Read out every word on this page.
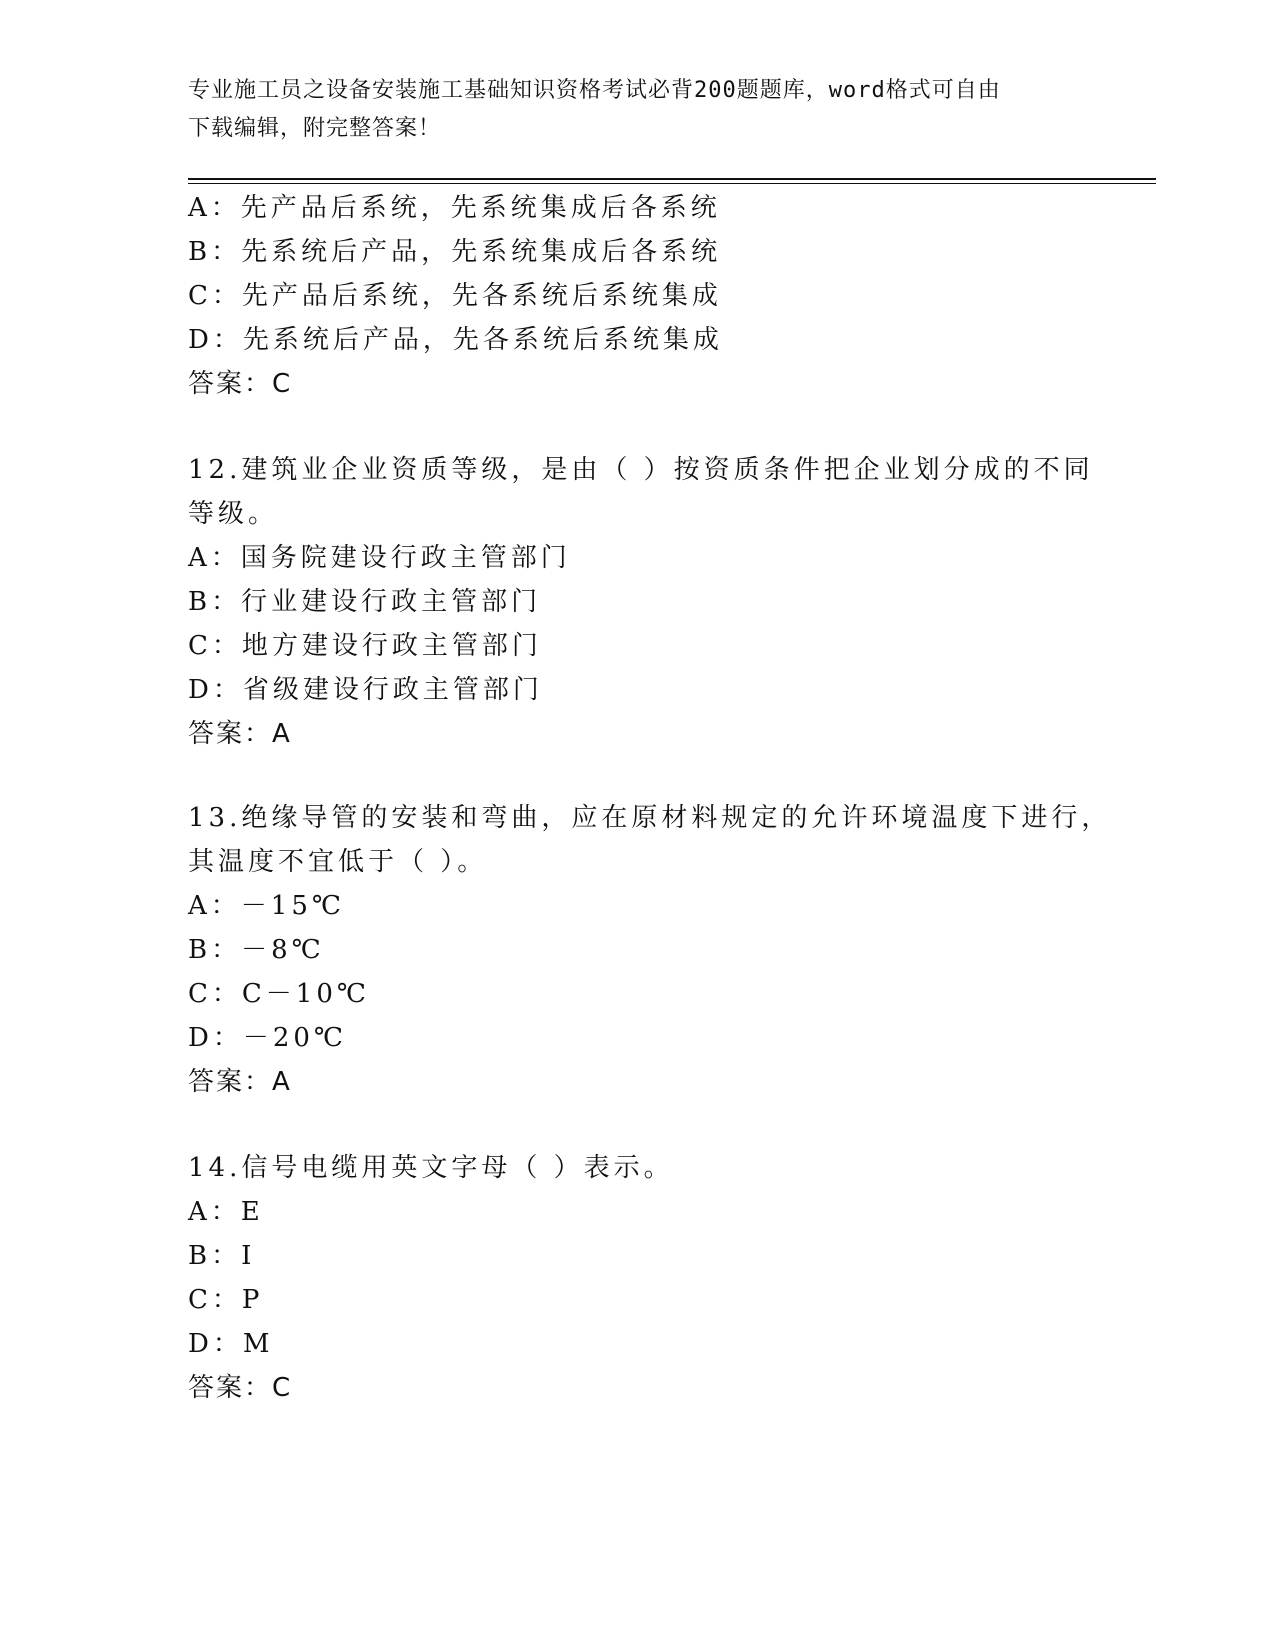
专业施工员之设备安装施工基础知识资格考试必背200题题库，word格式可自由
下载编辑，附完整答案！
A：先产品后系统，先系统集成后各系统
B：先系统后产品，先系统集成后各系统
C：先产品后系统，先各系统后系统集成
D：先系统后产品，先各系统后系统集成
答案：C
12.建筑业企业资质等级，是由（ ）按资质条件把企业划分成的不同
等级。
A：国务院建设行政主管部门
B：行业建设行政主管部门
C：地方建设行政主管部门
D：省级建设行政主管部门
答案：A
13.绝缘导管的安装和弯曲，应在原材料规定的允许环境温度下进行，
其温度不宜低于（ ）。
A：－15℃
B：－8℃
C：C－10℃
D：－20℃
答案：A
14.信号电缆用英文字母（ ）表示。
A：E
B：I
C：P
D：M
答案：C
